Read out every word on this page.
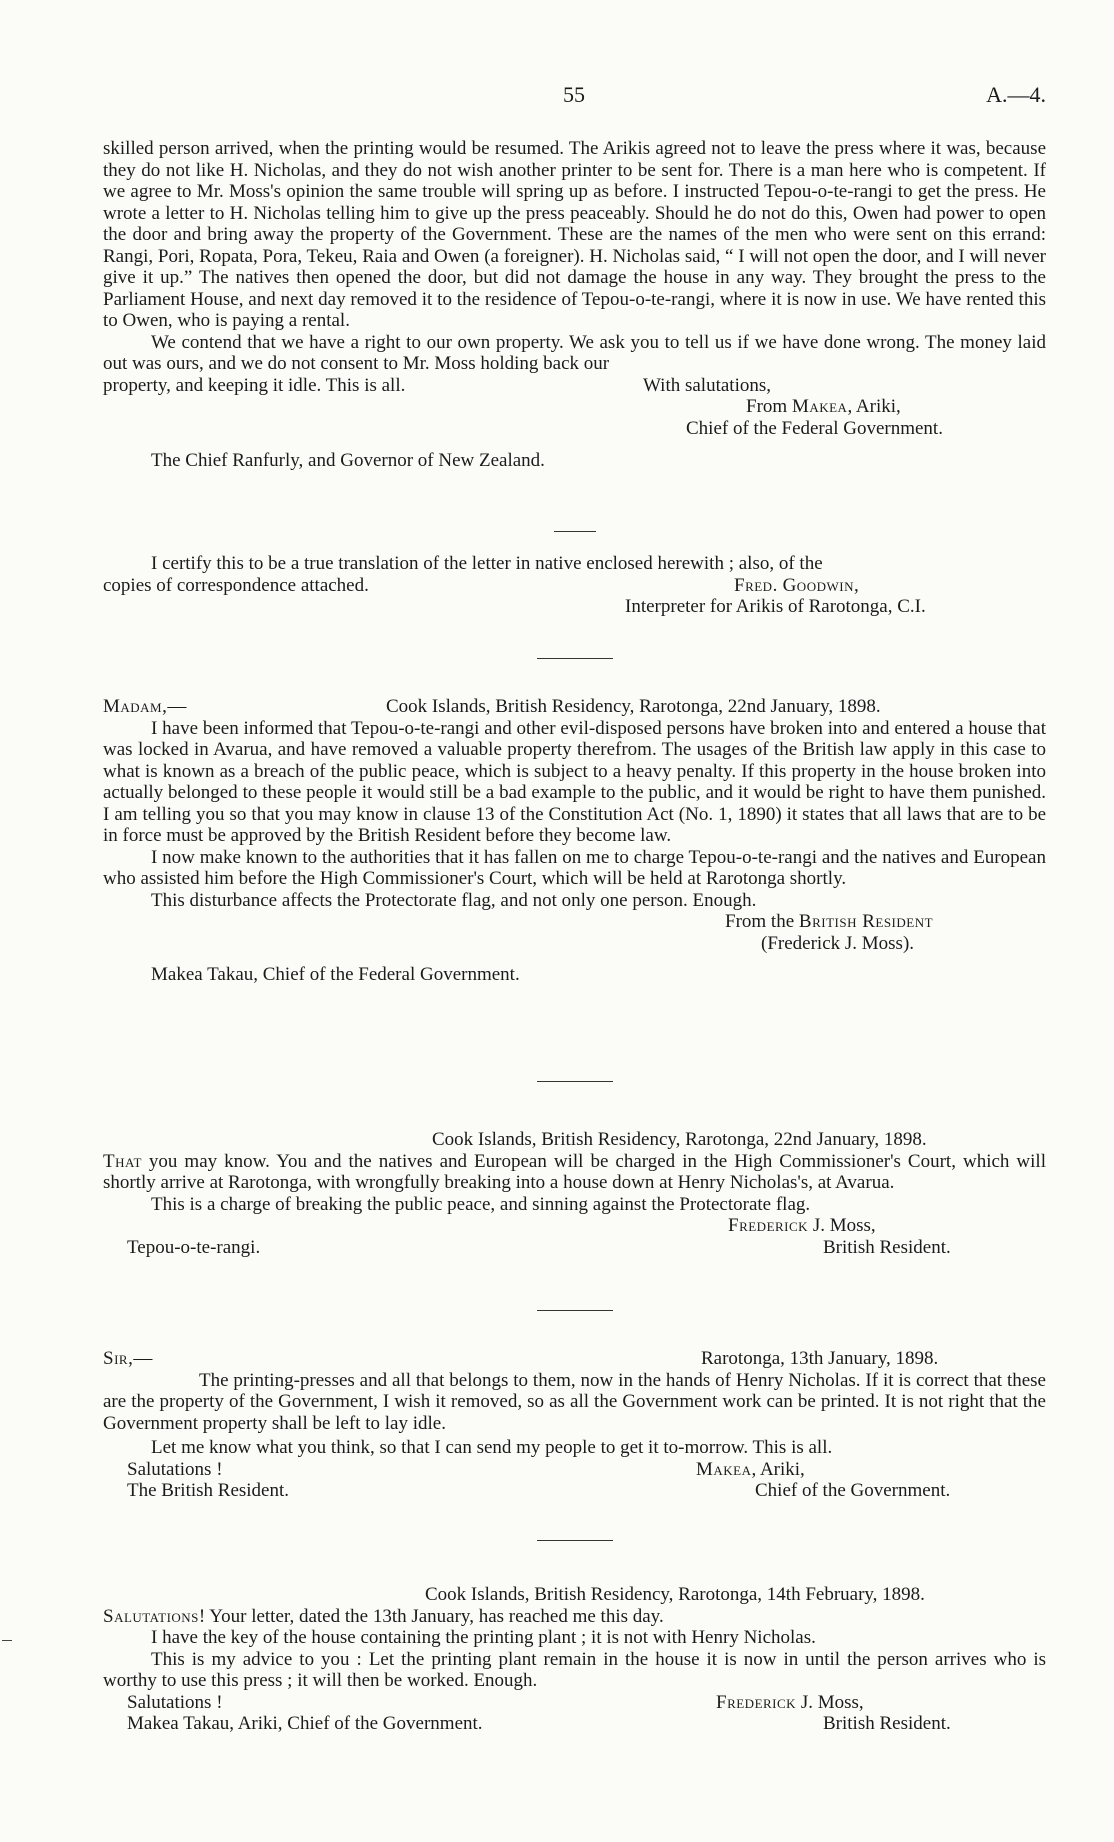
55	A.—4.

skilled person arrived, when the printing would be resumed. The Arikis agreed not to leave the press where it was, because they do not like H. Nicholas, and they do not wish another printer to be sent for. There is a man here who is competent. If we agree to Mr. Moss's opinion the same trouble will spring up as before. I instructed Tepou-o-te-rangi to get the press. He wrote a letter to H. Nicholas telling him to give up the press peaceably. Should he do not do this, Owen had power to open the door and bring away the property of the Government. These are the names of the men who were sent on this errand: Rangi, Pori, Ropata, Pora, Tekeu, Raia and Owen (a foreigner). H. Nicholas said, “ I will not open the door, and I will never give it up.” The natives then opened the door, but did not damage the house in any way. They brought the press to the Parliament House, and next day removed it to the residence of Tepou-o-te-rangi, where it is now in use. We have rented this to Owen, who is paying a rental.

We contend that we have a right to our own property. We ask you to tell us if we have done wrong. The money laid out was ours, and we do not consent to Mr. Moss holding back our

property, and keeping it idle. This is all.	With salutations,
From Makea, Ariki,
Chief of the Federal Government.
The Chief Ranfurly, and Governor of New Zealand.

I certify this to be a true translation of the letter in native enclosed herewith ; also, of the

copies of correspondence attached.	Fred. Goodwin,
Interpreter for Arikis of Rarotonga, C.I.
Madam,—	Cook Islands, British Residency, Rarotonga, 22nd January, 1898.

I have been informed that Tepou-o-te-rangi and other evil-disposed persons have broken into and entered a house that was locked in Avarua, and have removed a valuable property therefrom. The usages of the British law apply in this case to what is known as a breach of the public peace, which is subject to a heavy penalty. If this property in the house broken into actually belonged to these people it would still be a bad example to the public, and it would be right to have them punished. I am telling you so that you may know in clause 13 of the Constitution Act (No. 1, 1890) it states that all laws that are to be in force must be approved by the British Resident before they become law.

I now make known to the authorities that it has fallen on me to charge Tepou-o-te-rangi and the natives and European who assisted him before the High Commissioner's Court, which will be held at Rarotonga shortly.

This disturbance affects the Protectorate flag, and not only one person. Enough.

From the British Resident
(Frederick J. Moss).
Makea Takau, Chief of the Federal Government.
Cook Islands, British Residency, Rarotonga, 22nd January, 1898.

That you may know. You and the natives and European will be charged in the High Commissioner's Court, which will shortly arrive at Rarotonga, with wrongfully breaking into a house down at Henry Nicholas's, at Avarua.

This is a charge of breaking the public peace, and sinning against the Protectorate flag.

Frederick J. Moss,
Tepou-o-te-rangi.	British Resident.
Sir,—	Rarotonga, 13th January, 1898.

The printing-presses and all that belongs to them, now in the hands of Henry Nicholas. If it is correct that these are the property of the Government, I wish it removed, so as all the Government work can be printed. It is not right that the Government property shall be left to lay idle.

Let me know what you think, so that I can send my people to get it to-morrow. This is all.

Salutations !	Makea, Ariki,
The British Resident.	Chief of the Government.
Cook Islands, British Residency, Rarotonga, 14th February, 1898.

Salutations! Your letter, dated the 13th January, has reached me this day.

I have the key of the house containing the printing plant ; it is not with Henry Nicholas.

This is my advice to you : Let the printing plant remain in the house it is now in until the person arrives who is worthy to use this press ; it will then be worked. Enough.

Salutations !	Frederick J. Moss,
Makea Takau, Ariki, Chief of the Government.	British Resident.
